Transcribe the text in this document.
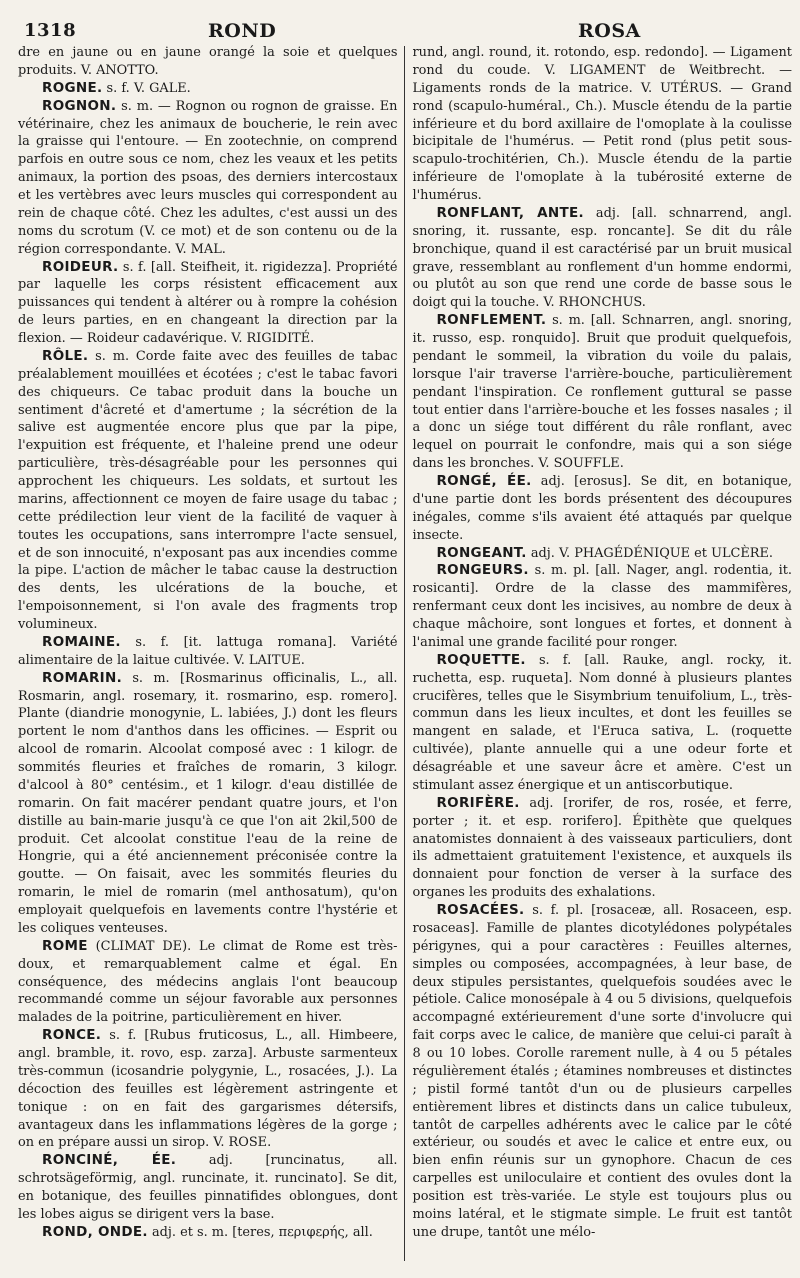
1318	ROND	ROSA

dre en jaune ou en jaune orangé la soie et quelques produits. V. ANOTTO.

ROGNE. s. f. V. GALE.

ROGNON. s. m. — Rognon ou rognon de graisse. En vétérinaire, chez les animaux de boucherie, le rein avec la graisse qui l'entoure. — En zootechnie, on comprend parfois en outre sous ce nom, chez les veaux et les petits animaux, la portion des psoas, des derniers intercostaux et les vertèbres avec leurs muscles qui correspondent au rein de chaque côté. Chez les adultes, c'est aussi un des noms du scrotum (V. ce mot) et de son contenu ou de la région correspondante. V. MAL.

ROIDEUR. s. f. [all. Steifheit, it. rigidezza]. Propriété par laquelle les corps résistent efficacement aux puissances qui tendent à altérer ou à rompre la cohésion de leurs parties, en en changeant la direction par la flexion. — Roideur cadavérique. V. RIGIDITÉ.

RÔLE. s. m. Corde faite avec des feuilles de tabac préalablement mouillées et écotées ; c'est le tabac favori des chiqueurs. Ce tabac produit dans la bouche un sentiment d'âcreté et d'amertume ; la sécrétion de la salive est augmentée encore plus que par la pipe, l'expuition est fréquente, et l'haleine prend une odeur particulière, très-désagréable pour les personnes qui approchent les chiqueurs. Les soldats, et surtout les marins, affectionnent ce moyen de faire usage du tabac ; cette prédilection leur vient de la facilité de vaquer à toutes les occupations, sans interrompre l'acte sensuel, et de son innocuité, n'exposant pas aux incendies comme la pipe. L'action de mâcher le tabac cause la destruction des dents, les ulcérations de la bouche, et l'empoisonnement, si l'on avale des fragments trop volumineux.

ROMAINE. s. f. [it. lattuga romana]. Variété alimentaire de la laitue cultivée. V. LAITUE.

ROMARIN. s. m. [Rosmarinus officinalis, L., all. Rosmarin, angl. rosemary, it. rosmarino, esp. romero]. Plante (diandrie monogynie, L. labiées, J.) dont les fleurs portent le nom d'anthos dans les officines. — Esprit ou alcool de romarin. Alcoolat composé avec : 1 kilogr. de sommités fleuries et fraîches de romarin, 3 kilogr. d'alcool à 80° centésim., et 1 kilogr. d'eau distillée de romarin. On fait macérer pendant quatre jours, et l'on distille au bain-marie jusqu'à ce que l'on ait 2kil,500 de produit. Cet alcoolat constitue l'eau de la reine de Hongrie, qui a été anciennement préconisée contre la goutte. — On faisait, avec les sommités fleuries du romarin, le miel de romarin (mel anthosatum), qu'on employait quelquefois en lavements contre l'hystérie et les coliques venteuses.

ROME (CLIMAT DE). Le climat de Rome est très-doux, et remarquablement calme et égal. En conséquence, des médecins anglais l'ont beaucoup recommandé comme un séjour favorable aux personnes malades de la poitrine, particulièrement en hiver.

RONCE. s. f. [Rubus fruticosus, L., all. Himbeere, angl. bramble, it. rovo, esp. zarza]. Arbuste sarmenteux très-commun (icosandrie polygynie, L., rosacées, J.). La décoction des feuilles est légèrement astringente et tonique : on en fait des gargarismes détersifs, avantageux dans les inflammations légères de la gorge ; on en prépare aussi un sirop. V. ROSE.

RONCINÉ, ÉE.	adj. [runcinatus, all. schrotsägeförmig, angl. runcinate, it. runcinato]. Se dit, en botanique, des feuilles pinnatifides oblongues, dont les lobes aigus se dirigent vers la base.

ROND, ONDE. adj. et s. m. [teres, περιφερής, all.

rund, angl. round, it. rotondo, esp. redondo]. — Ligament rond du coude. V. LIGAMENT de Weitbrecht. — Ligaments ronds de la matrice. V. UTÉRUS. — Grand rond (scapulo-huméral., Ch.). Muscle étendu de la partie inférieure et du bord axillaire de l'omoplate à la coulisse bicipitale de l'humérus. — Petit rond (plus petit sous-scapulo-trochitérien, Ch.). Muscle étendu de la partie inférieure de l'omoplate à la tubérosité externe de l'humérus.

RONFLANT, ANTE. adj. [all. schnarrend, angl. snoring, it. russante, esp. roncante]. Se dit du râle bronchique, quand il est caractérisé par un bruit musical grave, ressemblant au ronflement d'un homme endormi, ou plutôt au son que rend une corde de basse sous le doigt qui la touche. V. RHONCHUS.

RONFLEMENT. s. m. [all. Schnarren, angl. snoring, it. russo, esp. ronquido]. Bruit que produit quelquefois, pendant le sommeil, la vibration du voile du palais, lorsque l'air traverse l'arrière-bouche, particulièrement pendant l'inspiration. Ce ronflement guttural se passe tout entier dans l'arrière-bouche et les fosses nasales ; il a donc un siége tout différent du râle ronflant, avec lequel on pourrait le confondre, mais qui a son siége dans les bronches. V. SOUFFLE.

RONGÉ, ÉE. adj. [erosus]. Se dit, en botanique, d'une partie dont les bords présentent des découpures inégales, comme s'ils avaient été attaqués par quelque insecte.

RONGEANT. adj. V. PHAGÉDÉNIQUE et ULCÈRE.

RONGEURS. s. m. pl. [all. Nager, angl. rodentia, it. rosicanti]. Ordre de la classe des mammifères, renfermant ceux dont les incisives, au nombre de deux à chaque mâchoire, sont longues et fortes, et donnent à l'animal une grande facilité pour ronger.

ROQUETTE. s. f. [all. Rauke, angl. rocky, it. ruchetta, esp. ruqueta]. Nom donné à plusieurs plantes crucifères, telles que le Sisymbrium tenuifolium, L., très-commun dans les lieux incultes, et dont les feuilles se mangent en salade, et l'Eruca sativa, L. (roquette cultivée), plante annuelle qui a une odeur forte et désagréable et une saveur âcre et amère. C'est un stimulant assez énergique et un antiscorbutique.

RORIFÈRE. adj. [rorifer, de ros, rosée, et ferre, porter ; it. et esp. rorifero]. Épithète que quelques anatomistes donnaient à des vaisseaux particuliers, dont ils admettaient gratuitement l'existence, et auxquels ils donnaient pour fonction de verser à la surface des organes les produits des exhalations.

ROSACÉES. s. f. pl. [rosaceæ, all. Rosaceen, esp. rosaceas]. Famille de plantes dicotylédones polypétales périgynes, qui a pour caractères : Feuilles alternes, simples ou composées, accompagnées, à leur base, de deux stipules persistantes, quelquefois soudées avec le pétiole. Calice monosépale à 4 ou 5 divisions, quelquefois accompagné extérieurement d'une sorte d'involucre qui fait corps avec le calice, de manière que celui-ci paraît à 8 ou 10 lobes. Corolle rarement nulle, à 4 ou 5 pétales régulièrement étalés ; étamines nombreuses et distinctes ; pistil formé tantôt d'un ou de plusieurs carpelles entièrement libres et distincts dans un calice tubuleux, tantôt de carpelles adhérents avec le calice par le côté extérieur, ou soudés et avec le calice et entre eux, ou bien enfin réunis sur un gynophore. Chacun de ces carpelles est uniloculaire et contient des ovules dont la position est très-variée. Le style est toujours plus ou moins latéral, et le stigmate simple. Le fruit est tantôt une drupe, tantôt une mélo-
